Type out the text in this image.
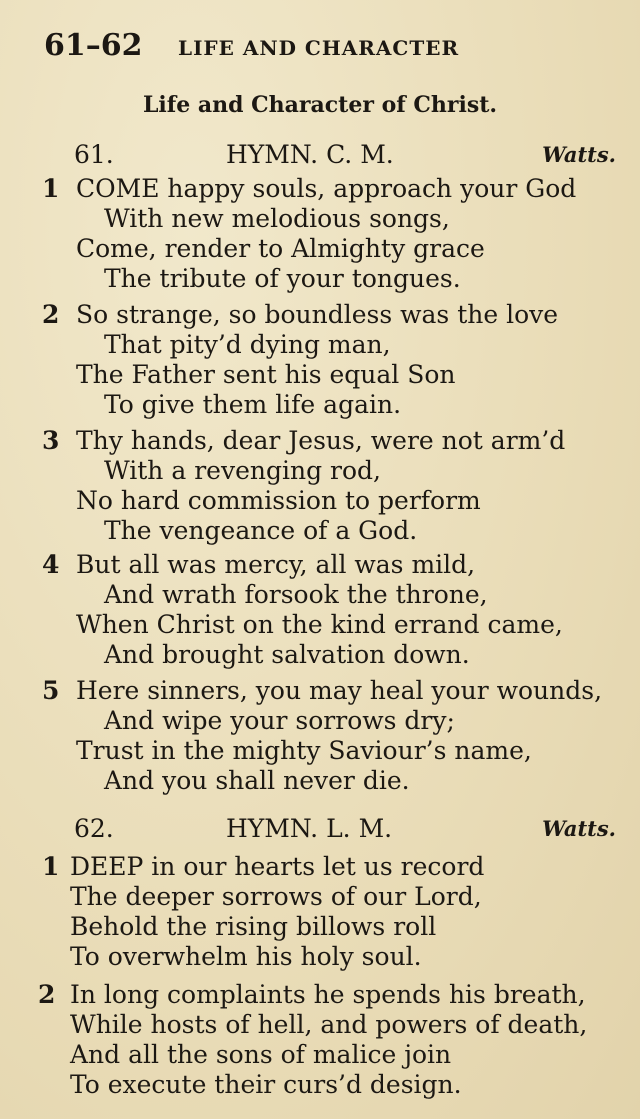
61–62 LIFE AND CHARACTER
Life and Character of Christ.
61.	HYMN. C. M.	Watts.
1 COME happy souls, approach your God
With new melodious songs,
Come, render to Almighty grace
The tribute of your tongues.
2 So strange, so boundless was the love
That pity’d dying man,
The Father sent his equal Son
To give them life again.
3 Thy hands, dear Jesus, were not arm’d
With a revenging rod,
No hard commission to perform
The vengeance of a God.
4 But all was mercy, all was mild,
And wrath forsook the throne,
When Christ on the kind errand came,
And brought salvation down.
5 Here sinners, you may heal your wounds,
And wipe your sorrows dry;
Trust in the mighty Saviour’s name,
And you shall never die.
62.	HYMN. L. M.	Watts.
1 DEEP in our hearts let us record
The deeper sorrows of our Lord,
Behold the rising billows roll
To overwhelm his holy soul.
2 In long complaints he spends his breath,
While hosts of hell, and powers of death,
And all the sons of malice join
To execute their curs’d design.
